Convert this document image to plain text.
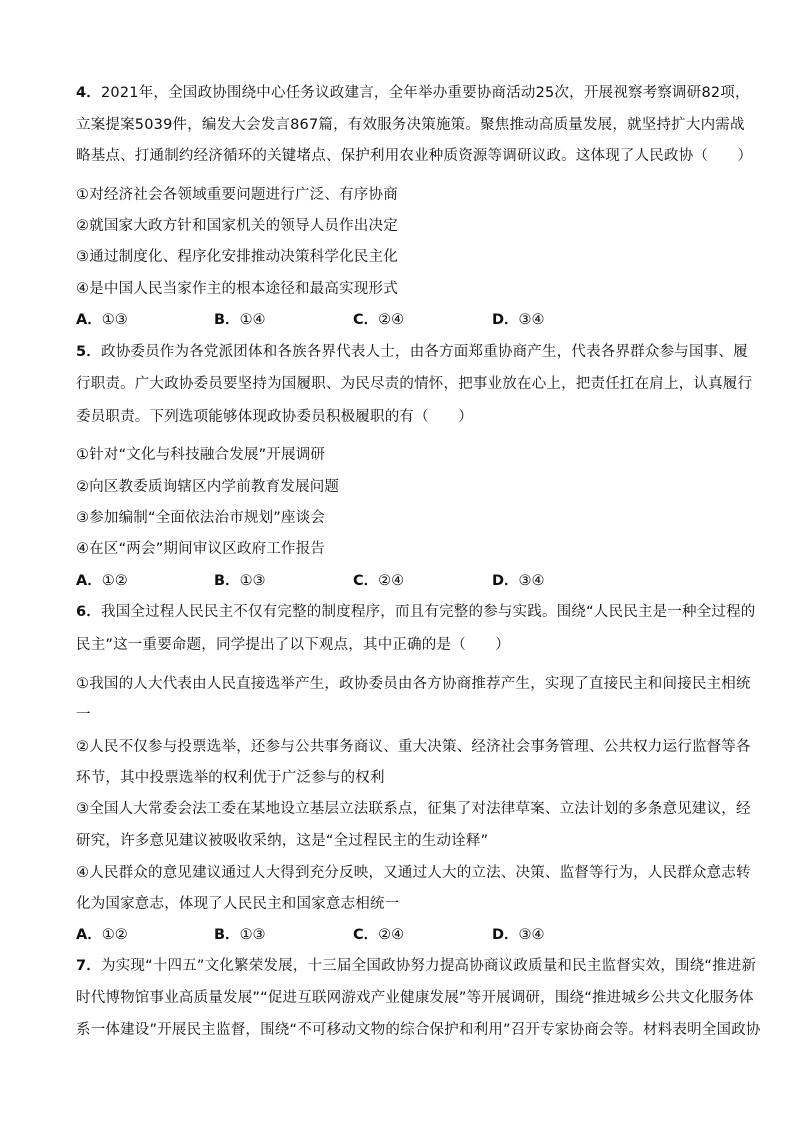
4．2021年，全国政协围绕中心任务议政建言，全年举办重要协商活动25次，开展视察考察调研82项，
立案提案5039件，编发大会发言867篇，有效服务决策施策。聚焦推动高质量发展，就坚持扩大内需战
略基点、打通制约经济循环的关键堵点、保护利用农业种质资源等调研议政。这体现了人民政协（　　）
①对经济社会各领域重要问题进行广泛、有序协商
②就国家大政方针和国家机关的领导人员作出决定
③通过制度化、程序化安排推动决策科学化民主化
④是中国人民当家作主的根本途径和最高实现形式
A．①③	B．①④	C．②④	D．③④
5．政协委员作为各党派团体和各族各界代表人士，由各方面郑重协商产生，代表各界群众参与国事、履
行职责。广大政协委员要坚持为国履职、为民尽责的情怀，把事业放在心上，把责任扛在肩上，认真履行
委员职责。下列选项能够体现政协委员积极履职的有（　　）
①针对“文化与科技融合发展”开展调研
②向区教委质询辖区内学前教育发展问题
③参加编制“全面依法治市规划”座谈会
④在区“两会”期间审议区政府工作报告
A．①②	B．①③	C．②④	D．③④
6．我国全过程人民民主不仅有完整的制度程序，而且有完整的参与实践。围绕“人民民主是一种全过程的
民主”这一重要命题，同学提出了以下观点，其中正确的是（　　）
①我国的人大代表由人民直接选举产生，政协委员由各方协商推荐产生，实现了直接民主和间接民主相统
一
②人民不仅参与投票选举，还参与公共事务商议、重大决策、经济社会事务管理、公共权力运行监督等各
环节，其中投票选举的权利优于广泛参与的权利
③全国人大常委会法工委在某地设立基层立法联系点，征集了对法律草案、立法计划的多条意见建议，经
研究，许多意见建议被吸收采纳，这是“全过程民主的生动诠释”
④人民群众的意见建议通过人大得到充分反映，又通过人大的立法、决策、监督等行为，人民群众意志转
化为国家意志，体现了人民民主和国家意志相统一
A．①②	B．①③	C．②④	D．③④
7．为实现“十四五”文化繁荣发展，十三届全国政协努力提高协商议政质量和民主监督实效，围绕“推进新
时代博物馆事业高质量发展”“促进互联网游戏产业健康发展”等开展调研，围绕“推进城乡公共文化服务体
系一体建设”开展民主监督，围绕“不可移动文物的综合保护和利用”召开专家协商会等。材料表明全国政协
